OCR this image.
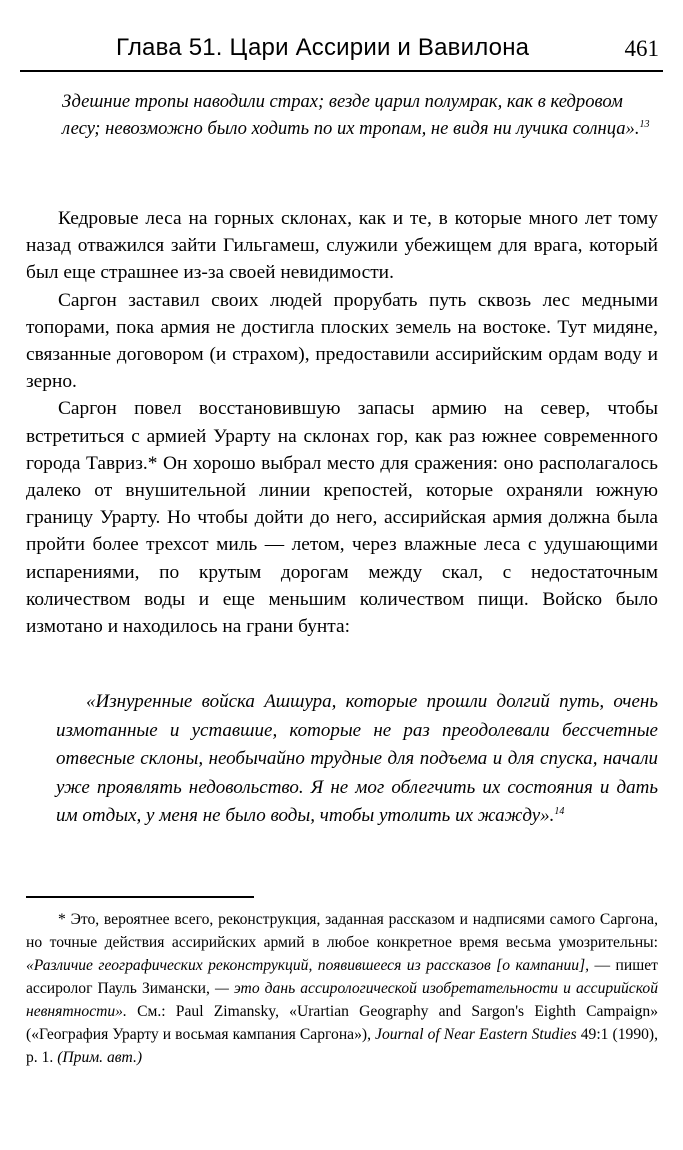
Глава 51. Цари Ассирии и Вавилона	461
Здешние тропы наводили страх; везде царил полумрак, как в кедровом лесу; невозможно было ходить по их тропам, не видя ни лучика солнца».$^{13}$

Кедровые леса на горных склонах, как и те, в которые много лет тому назад отважился зайти Гильгамеш, служили убежищем для врага, который был еще страшнее из-за своей невидимости.

Саргон заставил своих людей прорубать путь сквозь лес медными топорами, пока армия не достигла плоских земель на востоке. Тут мидяне, связанные договором (и страхом), предоставили ассирийским ордам воду и зерно.

Саргон повел восстановившую запасы армию на север, чтобы встретиться с армией Урарту на склонах гор, как раз южнее современного города Тавриз.* Он хорошо выбрал место для сражения: оно располагалось далеко от внушительной линии крепостей, которые охраняли южную границу Урарту. Но чтобы дойти до него, ассирийская армия должна была пройти более трехсот миль — летом, через влажные леса с удушающими испарениями, по крутым дорогам между скал, с недостаточным количеством воды и еще меньшим количеством пищи. Войско было измотано и находилось на грани бунта:

«Изнуренные войска Ашшура, которые прошли долгий путь, очень измотанные и уставшие, которые не раз преодолевали бессчетные отвесные склоны, необычайно трудные для подъема и для спуска, начали уже проявлять недовольство. Я не мог облегчить их состояния и дать им отдых, у меня не было воды, чтобы утолить их жажду».$^{14}$

* Это, вероятнее всего, реконструкция, заданная рассказом и надписями самого Саргона, но точные действия ассирийских армий в любое конкретное время весьма умозрительны: «Различие географических реконструкций, появившееся из рассказов [о кампании], — пишет ассиролог Пауль Зимански, — это дань ассирологической изобретательности и ассирийской невнятности». См.: Paul Zimansky, «Urartian Geography and Sargon's Eighth Campaign» («География Урарту и восьмая кампания Саргона»), Journal of Near Eastern Studies 49:1 (1990), p. 1. (Прим. авт.)
